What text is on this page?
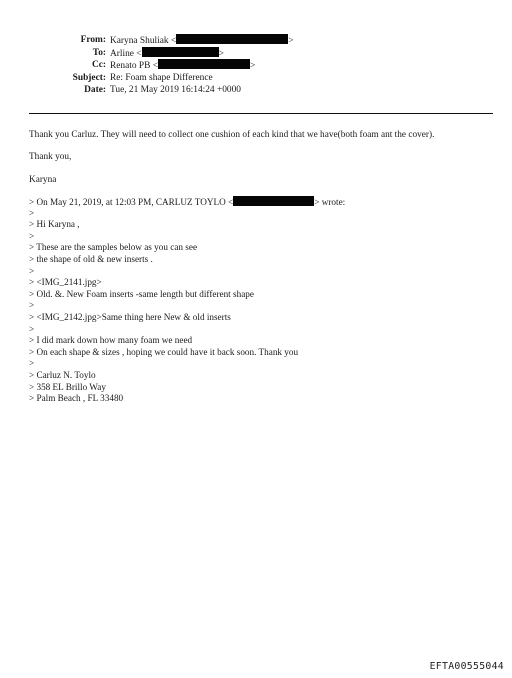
From: Karyna Shuliak <	>
To: Arline <	>
Cc: Renato PB <	>
Subject: Re: Foam shape Difference
Date: Tue, 21 May 2019 16:14:24 +0000
Thank you Carluz. They will need to collect one cushion of each kind that we have(both foam ant the cover).
Thank you,
Karyna
> On May 21, 2019, at 12:03 PM, CARLUZ TOYLO <	> wrote:
>
> Hi Karyna ,
>
> These are the samples below as you can see
> the shape of old & new inserts .
>
> <IMG_2141.jpg>
> Old. &. New Foam inserts -same length but different shape
>
> <IMG_2142.jpg>Same thing here New & old inserts
>
> I did mark down how many foam we need
> On each shape & sizes , hoping we could have it back soon. Thank you
>
> Carluz N. Toylo
> 358 EL Brillo Way
> Palm Beach , FL 33480
EFTA00555044
